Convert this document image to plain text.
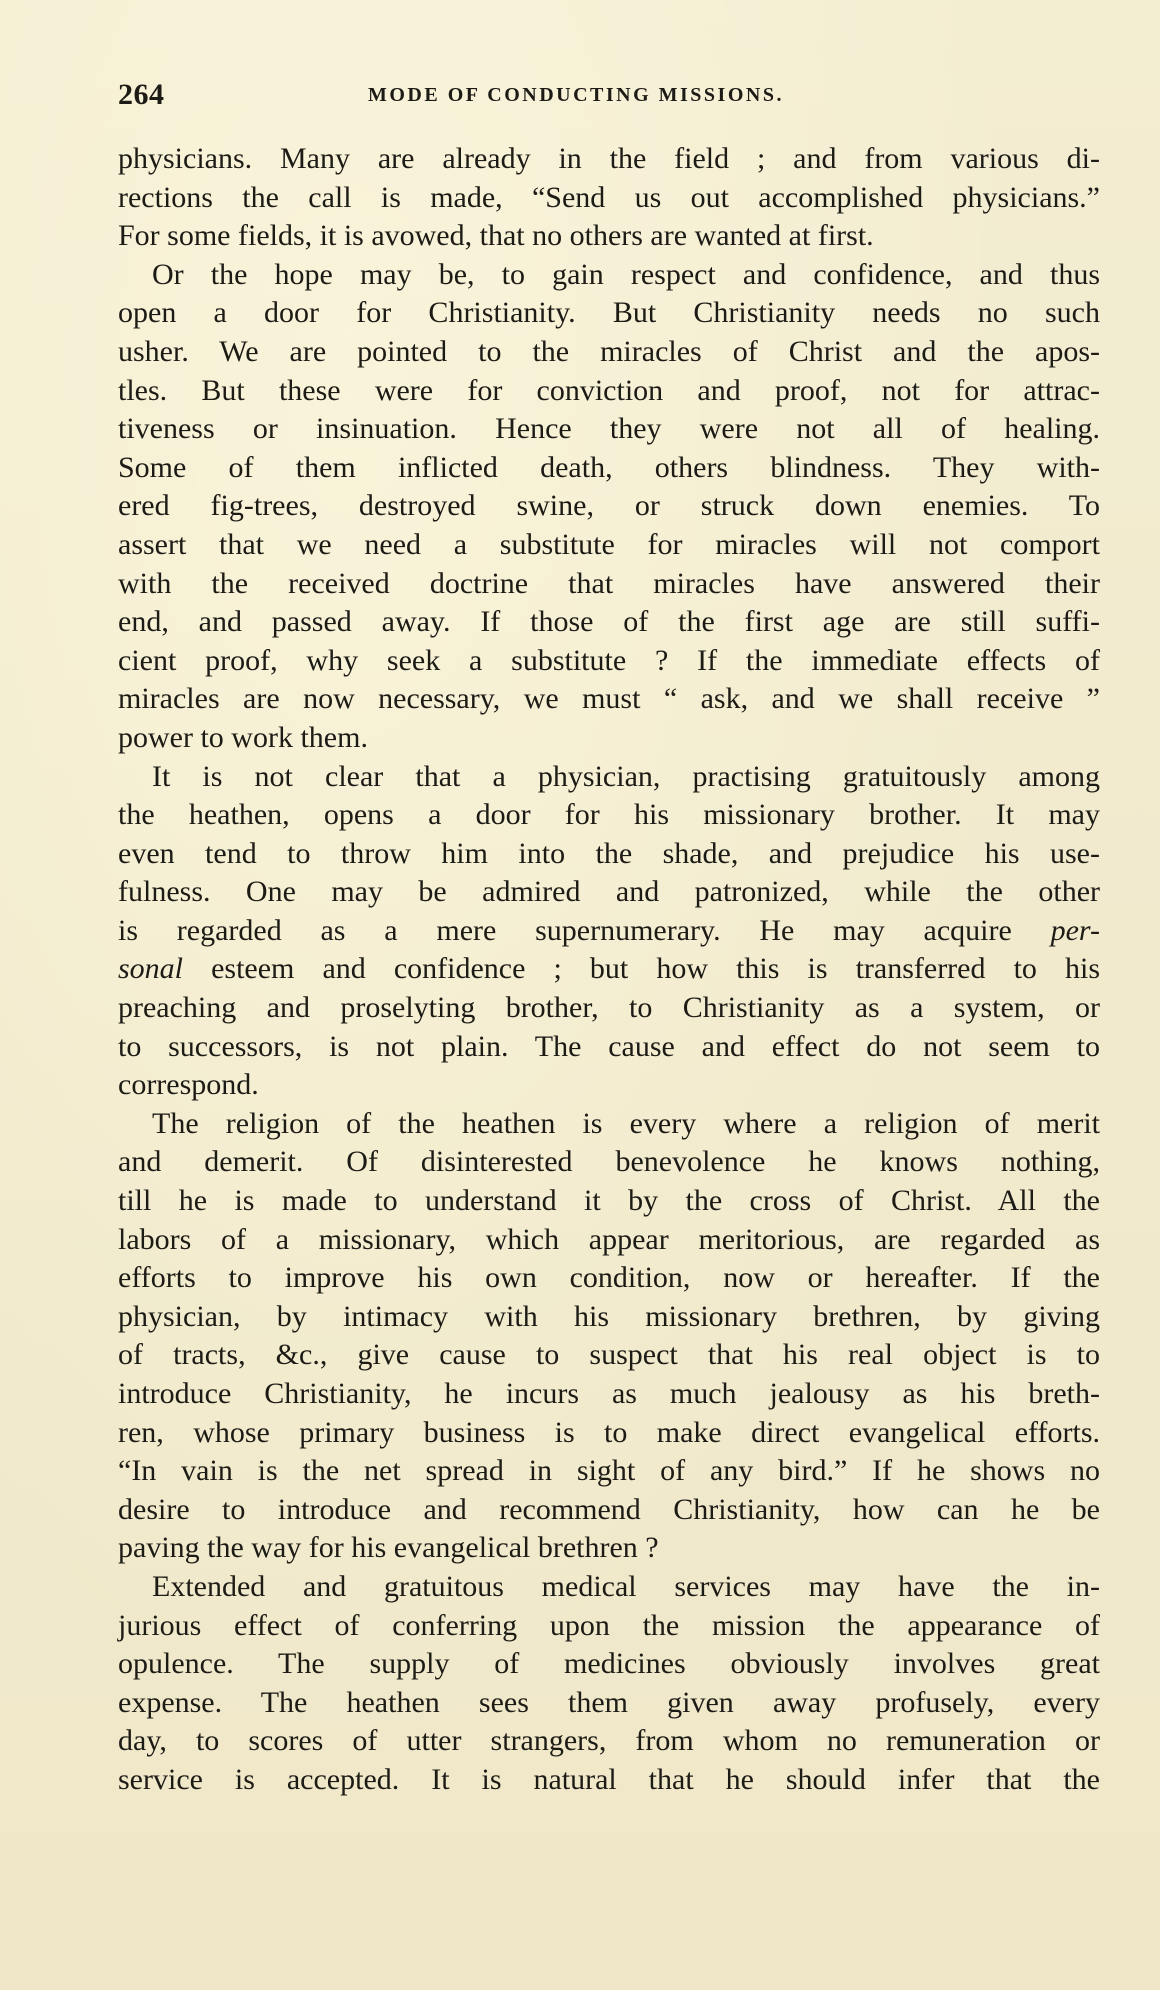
264	MODE OF CONDUCTING MISSIONS.
physicians. Many are already in the field ; and from various di-
rections the call is made, “Send us out accomplished physicians.”
For some fields, it is avowed, that no others are wanted at first.
Or the hope may be, to gain respect and confidence, and thus
open a door for Christianity. But Christianity needs no such
usher. We are pointed to the miracles of Christ and the apos-
tles. But these were for conviction and proof, not for attrac-
tiveness or insinuation. Hence they were not all of healing.
Some of them inflicted death, others blindness. They with-
ered fig-trees, destroyed swine, or struck down enemies. To
assert that we need a substitute for miracles will not comport
with the received doctrine that miracles have answered their
end, and passed away. If those of the first age are still suffi-
cient proof, why seek a substitute ? If the immediate effects of
miracles are now necessary, we must “ ask, and we shall receive ”
power to work them.
It is not clear that a physician, practising gratuitously among
the heathen, opens a door for his missionary brother. It may
even tend to throw him into the shade, and prejudice his use-
fulness. One may be admired and patronized, while the other
is regarded as a mere supernumerary. He may acquire per-
sonal esteem and confidence ; but how this is transferred to his
preaching and proselyting brother, to Christianity as a system, or
to successors, is not plain. The cause and effect do not seem to
correspond.
The religion of the heathen is every where a religion of merit
and demerit. Of disinterested benevolence he knows nothing,
till he is made to understand it by the cross of Christ. All the
labors of a missionary, which appear meritorious, are regarded as
efforts to improve his own condition, now or hereafter. If the
physician, by intimacy with his missionary brethren, by giving
of tracts, &c., give cause to suspect that his real object is to
introduce Christianity, he incurs as much jealousy as his breth-
ren, whose primary business is to make direct evangelical efforts.
“In vain is the net spread in sight of any bird.” If he shows no
desire to introduce and recommend Christianity, how can he be
paving the way for his evangelical brethren ?
Extended and gratuitous medical services may have the in-
jurious effect of conferring upon the mission the appearance of
opulence. The supply of medicines obviously involves great
expense. The heathen sees them given away profusely, every
day, to scores of utter strangers, from whom no remuneration or
service is accepted. It is natural that he should infer that the
